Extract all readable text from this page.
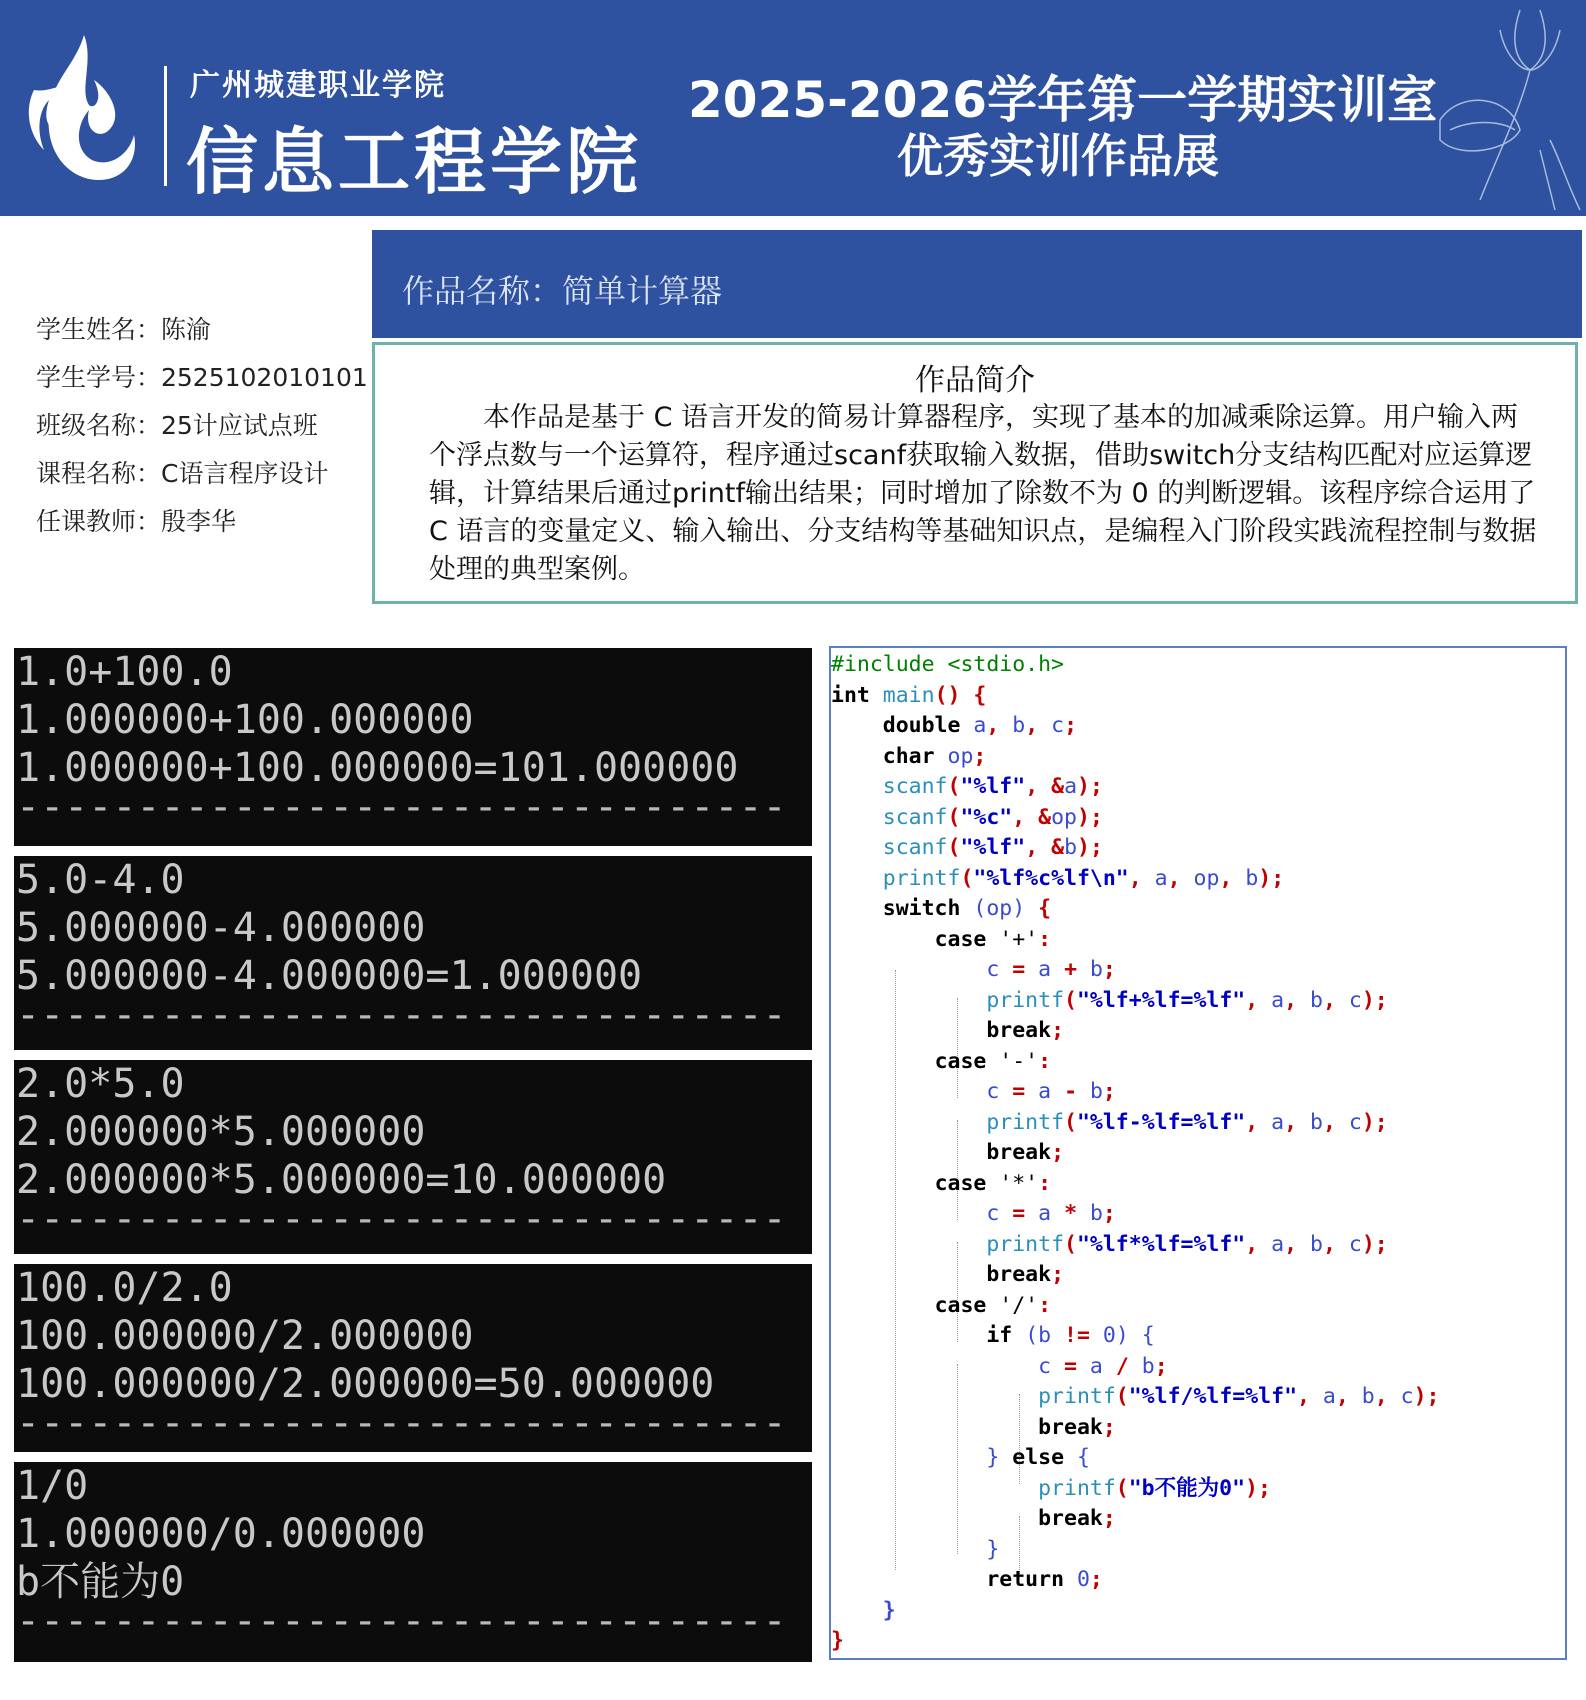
广州城建职业学院
信息工程学院
2025-2026学年第一学期实训室
优秀实训作品展
学生姓名：陈渝
学生学号：2525102010101
班级名称：25计应试点班
课程名称：C语言程序设计
任课教师：殷李华
作品名称：简单计算器
作品简介
本作品是基于 C 语言开发的简易计算器程序，实现了基本的加减乘除运算。用户输入两个浮点数与一个运算符，程序通过scanf获取输入数据，借助switch分支结构匹配对应运算逻辑，计算结果后通过printf输出结果；同时增加了除数不为 0 的判断逻辑。该程序综合运用了 C 语言的变量定义、输入输出、分支结构等基础知识点，是编程入门阶段实践流程控制与数据处理的典型案例。
1.0+100.0
1.000000+100.000000
1.000000+100.000000=101.000000
--------------------------------
5.0-4.0
5.000000-4.000000
5.000000-4.000000=1.000000
--------------------------------
2.0*5.0
2.000000*5.000000
2.000000*5.000000=10.000000
--------------------------------
100.0/2.0
100.000000/2.000000
100.000000/2.000000=50.000000
--------------------------------
1/0
1.000000/0.000000
b不能为0
--------------------------------
#include <stdio.h>
int main() {
double a, b, c;
char op;
scanf("%lf", &a);
scanf("%c", &op);
scanf("%lf", &b);
printf("%lf%c%lf\n", a, op, b);
switch (op) {
case '+':
c = a + b;
printf("%lf+%lf=%lf", a, b, c);
break;
case '-':
c = a - b;
printf("%lf-%lf=%lf", a, b, c);
break;
case '*':
c = a * b;
printf("%lf*%lf=%lf", a, b, c);
break;
case '/':
if (b != 0) {
c = a / b;
printf("%lf/%lf=%lf", a, b, c);
break;
} else {
printf("b不能为0");
break;
}
return 0;
}
}
